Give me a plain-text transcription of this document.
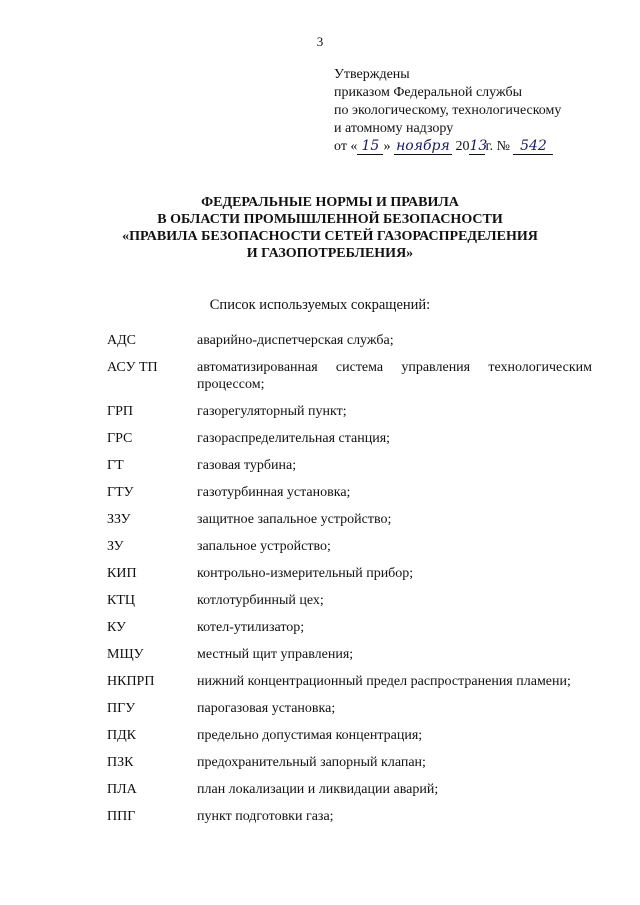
3
Утверждены
приказом Федеральной службы
по экологическому, технологическому
и атомному надзору
от « 15 » ноября 2013г. № 542
ФЕДЕРАЛЬНЫЕ НОРМЫ И ПРАВИЛА
В ОБЛАСТИ ПРОМЫШЛЕННОЙ БЕЗОПАСНОСТИ
«ПРАВИЛА БЕЗОПАСНОСТИ СЕТЕЙ ГАЗОРАСПРЕДЕЛЕНИЯ
И ГАЗОПОТРЕБЛЕНИЯ»
Список используемых сокращений:
АДС	аварийно-диспетчерская служба;
АСУ ТП	автоматизированная система управления технологическим процессом;
ГРП	газорегуляторный пункт;
ГРС	газораспределительная станция;
ГТ	газовая турбина;
ГТУ	газотурбинная установка;
ЗЗУ	защитное запальное устройство;
ЗУ	запальное устройство;
КИП	контрольно-измерительный прибор;
КТЦ	котлотурбинный цех;
КУ	котел-утилизатор;
МЩУ	местный щит управления;
НКПРП	нижний концентрационный предел распространения пламени;
ПГУ	парогазовая установка;
ПДК	предельно допустимая концентрация;
ПЗК	предохранительный запорный клапан;
ПЛА	план локализации и ликвидации аварий;
ППГ	пункт подготовки газа;
